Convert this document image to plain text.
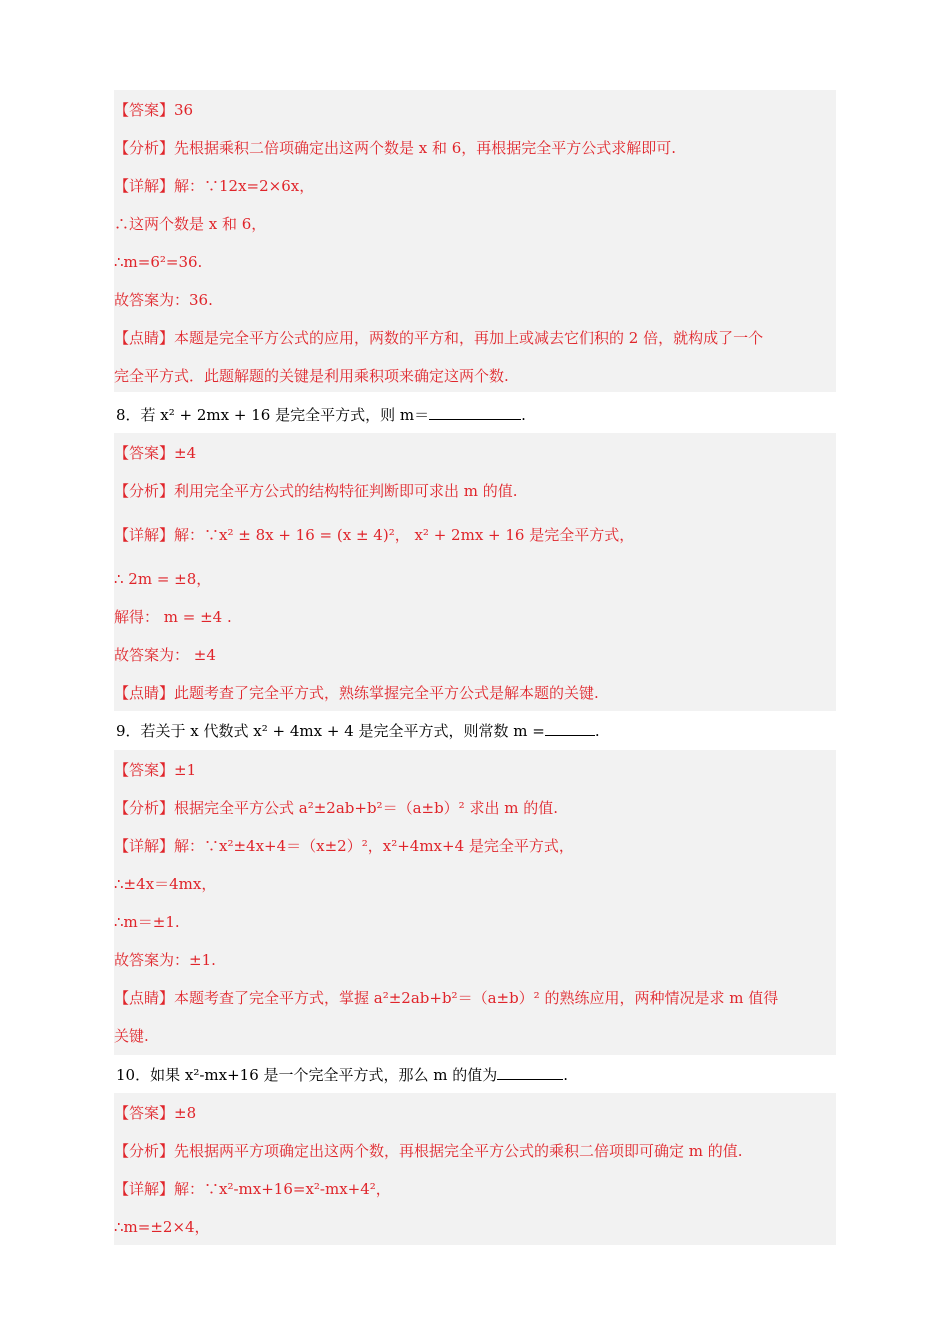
【答案】36
【分析】先根据乘积二倍项确定出这两个数是 x 和 6，再根据完全平方公式求解即可.
【详解】解：∵12x=2×6x，
∴这两个数是 x 和 6，
∴m=6²=36.
故答案为：36.
【点睛】本题是完全平方公式的应用，两数的平方和，再加上或减去它们积的 2 倍，就构成了一个
完全平方式．此题解题的关键是利用乘积项来确定这两个数.
8．若 x² + 2mx + 16 是完全平方式，则 m＝	.
【答案】±4
【分析】利用完全平方公式的结构特征判断即可求出 m 的值.
【详解】解：∵x² ± 8x + 16 = (x ± 4)²， x² + 2mx + 16 是完全平方式，
∴ 2m = ±8，
解得： m = ±4 .
故答案为： ±4
【点睛】此题考查了完全平方式，熟练掌握完全平方公式是解本题的关键.
9．若关于 x 代数式 x² + 4mx + 4 是完全平方式，则常数 m =	.
【答案】±1
【分析】根据完全平方公式 a²±2ab+b²＝（a±b）² 求出 m 的值.
【详解】解：∵x²±4x+4＝（x±2）²，x²+4mx+4 是完全平方式，
∴±4x＝4mx，
∴m＝±1.
故答案为：±1.
【点睛】本题考查了完全平方式，掌握 a²±2ab+b²＝（a±b）² 的熟练应用，两种情况是求 m 值得
关键.
10．如果 x²-mx+16 是一个完全平方式，那么 m 的值为	.
【答案】±8
【分析】先根据两平方项确定出这两个数，再根据完全平方公式的乘积二倍项即可确定 m 的值.
【详解】解：∵x²-mx+16=x²-mx+4²，
∴m=±2×4，
